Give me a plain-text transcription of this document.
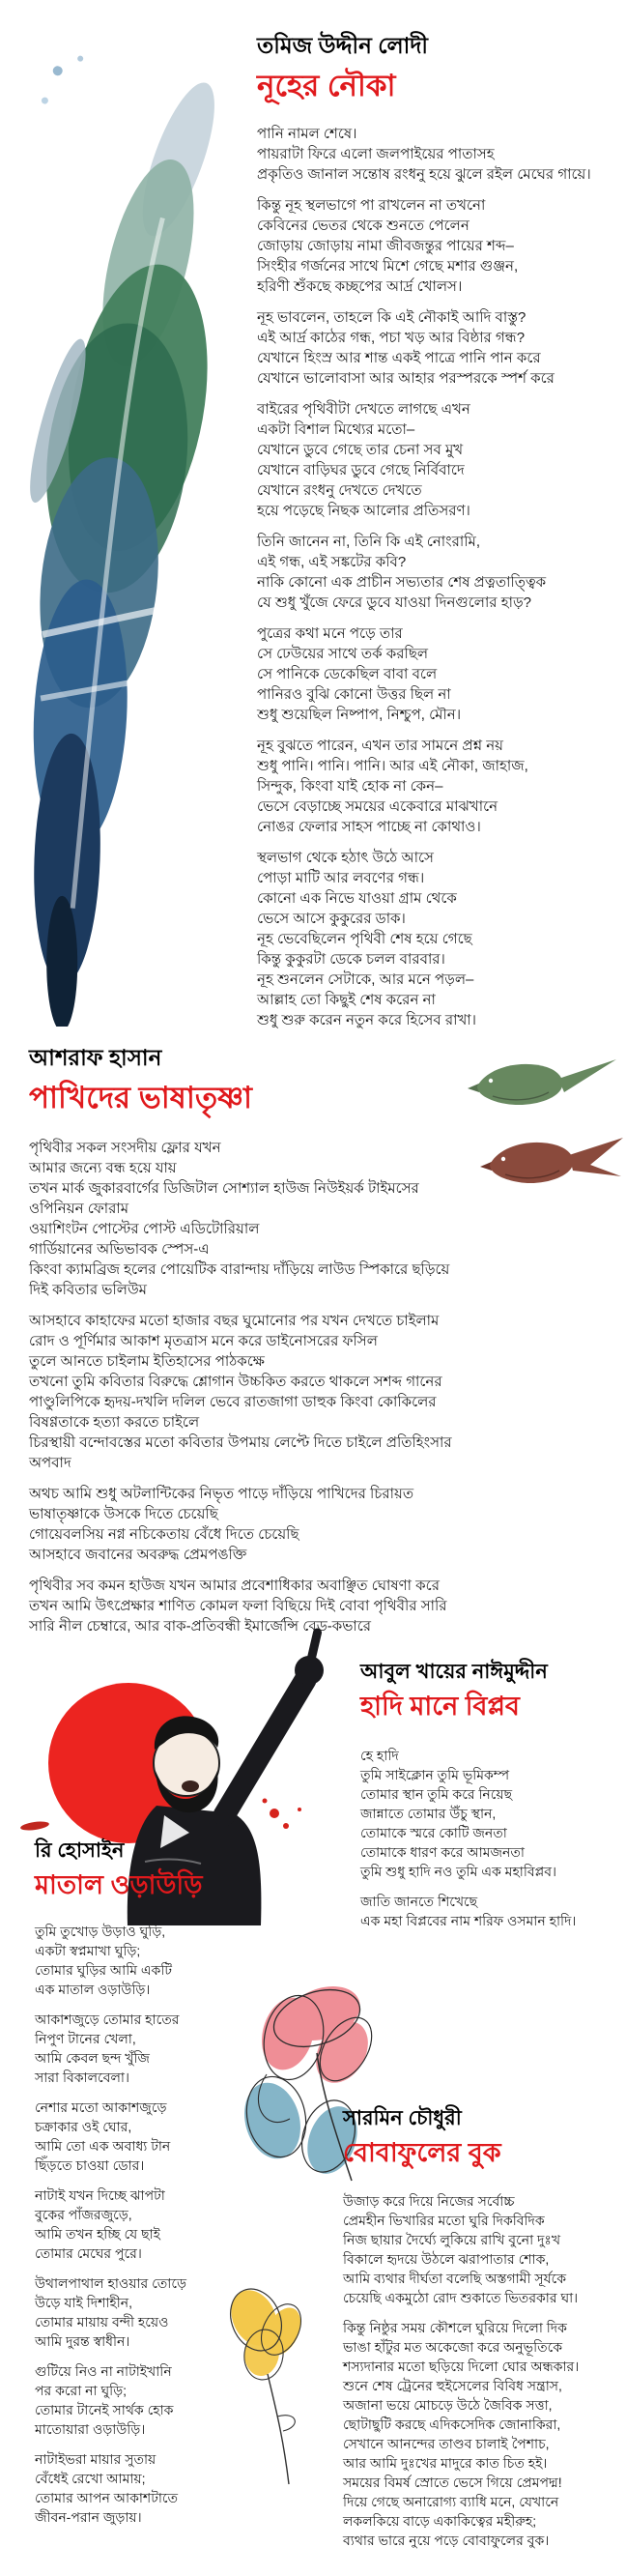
তমিজ উদ্দীন লোদী
নূহের নৌকা
পানি নামল শেষে।
পায়রাটা ফিরে এলো জলপাইয়ের পাতাসহ
প্রকৃতিও জানাল সন্তোষ রংধনু হয়ে ঝুলে রইল মেঘের গায়ে।
কিন্তু নূহ স্থলভাগে পা রাখলেন না তখনো
কেবিনের ভেতর থেকে শুনতে পেলেন
জোড়ায় জোড়ায় নামা জীবজন্তুর পায়ের শব্দ–
সিংহীর গর্জনের সাথে মিশে গেছে মশার গুঞ্জন,
হরিণী শুঁকছে কচ্ছপের আর্দ্র খোলস।
নূহ ভাবলেন, তাহলে কি এই নৌকাই আদি বাস্তু?
এই আর্দ্র কাঠের গন্ধ, পচা খড় আর বিষ্ঠার গন্ধ?
যেখানে হিংস্র আর শান্ত একই পাত্রে পানি পান করে
যেখানে ভালোবাসা আর আহার পরস্পরকে স্পর্শ করে
বাইরের পৃথিবীটা দেখতে লাগছে এখন
একটা বিশাল মিথ্যের মতো–
যেখানে ডুবে গেছে তার চেনা সব মুখ
যেখানে বাড়িঘর ডুবে গেছে নির্বিবাদে
যেখানে রংধনু দেখতে দেখতে
হয়ে পড়েছে নিছক আলোর প্রতিসরণ।
তিনি জানেন না, তিনি কি এই নোংরামি,
এই গন্ধ, এই সঙ্কটের কবি?
নাকি কোনো এক প্রাচীন সভ্যতার শেষ প্রত্নতাত্ত্বিক
যে শুধু খুঁজে ফেরে ডুবে যাওয়া দিনগুলোর হাড়?
পুত্রের কথা মনে পড়ে তার
সে ঢেউয়ের সাথে তর্ক করছিল
সে পানিকে ডেকেছিল বাবা বলে
পানিরও বুঝি কোনো উত্তর ছিল না
শুধু শুয়েছিল নিষ্পাপ, নিশ্চুপ, মৌন।
নূহ বুঝতে পারেন, এখন তার সামনে প্রশ্ন নয়
শুধু পানি। পানি। পানি। আর এই নৌকা, জাহাজ,
সিন্দুক, কিংবা যাই হোক না কেন–
ভেসে বেড়াচ্ছে সময়ের একেবারে মাঝখানে
নোঙর ফেলার সাহস পাচ্ছে না কোথাও।
স্থলভাগ থেকে হঠাৎ উঠে আসে
পোড়া মাটি আর লবণের গন্ধ।
কোনো এক নিভে যাওয়া গ্রাম থেকে
ভেসে আসে কুকুরের ডাক।
নূহ ভেবেছিলেন পৃথিবী শেষ হয়ে গেছে
কিন্তু কুকুরটা ডেকে চলল বারবার।
নূহ শুনলেন সেটাকে, আর মনে পড়ল–
আল্লাহ তো কিছুই শেষ করেন না
শুধু শুরু করেন নতুন করে হিসেব রাখা।
আশরাফ হাসান
পাখিদের ভাষাতৃষ্ণা
পৃথিবীর সকল সংসদীয় ফ্লোর যখন
আমার জন্যে বন্ধ হয়ে যায়
তখন মার্ক জুকারবার্গের ডিজিটাল সোশ্যাল হাউজ নিউইয়র্ক টাইমসের
ওপিনিয়ন ফোরাম
ওয়াশিংটন পোস্টের পোস্ট এডিটোরিয়াল
গার্ডিয়ানের অভিভাবক স্পেস-এ
কিংবা ক্যামব্রিজ হলের পোয়েটিক বারান্দায় দাঁড়িয়ে লাউড স্পিকারে ছড়িয়ে
দিই কবিতার ভলিউম
আসহাবে কাহাফের মতো হাজার বছর ঘুমোনোর পর যখন দেখতে চাইলাম
রোদ ও পূর্ণিমার আকাশ মৃতত্রাস মনে করে ডাইনোসরের ফসিল
তুলে আনতে চাইলাম ইতিহাসের পাঠকক্ষে
তখনো তুমি কবিতার বিরুদ্ধে শ্লোগান উচ্চকিত করতে থাকলে সশব্দ গানের
পাণ্ডুলিপিকে হৃদয়-দখলি দলিল ভেবে রাতজাগা ডাহুক কিংবা কোকিলের
বিষণ্ণতাকে হত্যা করতে চাইলে
চিরস্থায়ী বন্দোবস্তের মতো কবিতার উপমায় লেপ্টে দিতে চাইলে প্রতিহিংসার
অপবাদ
অথচ আমি শুধু অটলান্টিকের নিভৃত পাড়ে দাঁড়িয়ে পাখিদের চিরায়ত
ভাষাতৃষ্ণাকে উসকে দিতে চেয়েছি
গোয়েবলসিয় নগ্ন নচিকেতায় বেঁধে দিতে চেয়েছি
আসহাবে জবানের অবরুদ্ধ প্রেমপঙক্তি
পৃথিবীর সব কমন হাউজ যখন আমার প্রবেশাধিকার অবাঞ্ছিত ঘোষণা করে
তখন আমি উৎপ্রেক্ষার শাণিত কোমল ফলা বিছিয়ে দিই বোবা পৃথিবীর সারি
সারি নীল চেম্বারে, আর বাক-প্রতিবন্ধী ইমার্জেন্সি বেড-কভারে
আবুল খায়ের নাঈমুদ্দীন
হাদি মানে বিপ্লব
হে হাদি
তুমি সাইক্লোন তুমি ভূমিকম্প
তোমার স্থান তুমি করে নিয়েছ
জান্নাতে তোমার উঁচু স্থান,
তোমাকে স্মরে কোটি জনতা
তোমাকে ধারণ করে আমজনতা
তুমি শুধু হাদি নও তুমি এক মহাবিপ্লব।
জাতি জানতে শিখেছে
এক মহা বিপ্লবের নাম শরিফ ওসমান হাদি।
রি হোসাইন
মাতাল ওড়াউড়ি
তুমি তুখোড় উড়াও ঘুড়ি,
একটা স্বপ্নমাখা ঘুড়ি;
তোমার ঘুড়ির আমি একটি
এক মাতাল ওড়াউড়ি।
আকাশজুড়ে তোমার হাতের
নিপুণ টানের খেলা,
আমি কেবল ছন্দ খুঁজি
সারা বিকালবেলা।
নেশার মতো আকাশজুড়ে
চক্রাকার ওই ঘোর,
আমি তো এক অবাধ্য টান
ছিঁড়তে চাওয়া ডোর।
নাটাই যখন দিচ্ছে ঝাপটা
বুকের পাঁজরজুড়ে,
আমি তখন হচ্ছি যে ছাই
তোমার মেঘের পুরে।
উথালপাথাল হাওয়ার তোড়ে
উড়ে যাই দিশাহীন,
তোমার মায়ায় বন্দী হয়েও
আমি দুরন্ত স্বাধীন।
গুটিয়ে নিও না নাটাইখানি
পর করো না ঘুড়ি;
তোমার টানেই সার্থক হোক
মাতোয়ারা ওড়াউড়ি।
নাটাইভরা মায়ার সুতায়
বেঁধেই রেখো আমায়;
তোমার আপন আকাশটাতে
জীবন-পরান জুড়ায়।
সারমিন চৌধুরী
বোবাফুলের বুক
উজাড় করে দিয়ে নিজের সর্বোচ্চ
প্রেমহীন ভিখারির মতো ঘুরি দিকবিদিক
নিজ ছায়ার দৈর্ঘ্যে লুকিয়ে রাখি বুনো দুঃখ
বিকালে হৃদয়ে উঠলে ঝরাপাতার শোক,
আমি ব্যথার দীর্ঘতা বলেছি অস্তগামী সূর্যকে
চেয়েছি একমুঠো রোদ শুকাতে ভিতরকার ঘা।
কিন্তু নিষ্ঠুর সময় কৌশলে ঘুরিয়ে দিলো দিক
ভাঙা হাঁটুর মত অকেজো করে অনুভূতিকে
শস্যদানার মতো ছড়িয়ে দিলো ঘোর অন্ধকার।
শুনে শেষ ট্রেনের হুইসেলের বিবিধ সন্ত্রাস,
অজানা ভয়ে মোচড়ে উঠে জৈবিক সত্তা,
ছোটাছুটি করছে এদিকসেদিক জোনাকিরা,
সেখানে আনন্দের তাণ্ডব চালাই পৈশাচ,
আর আমি দুঃখের মাদুরে কাত চিত হই।
সময়ের বিমর্ষ স্রোতে ভেসে গিয়ে প্রেমপদ্ম!
দিয়ে গেছে অনারোগ্য ব্যাধি মনে, যেখানে
লকলকিয়ে বাড়ে একাকিত্বের মহীরুহ;
ব্যথার ভারে নুয়ে পড়ে বোবাফুলের বুক।
